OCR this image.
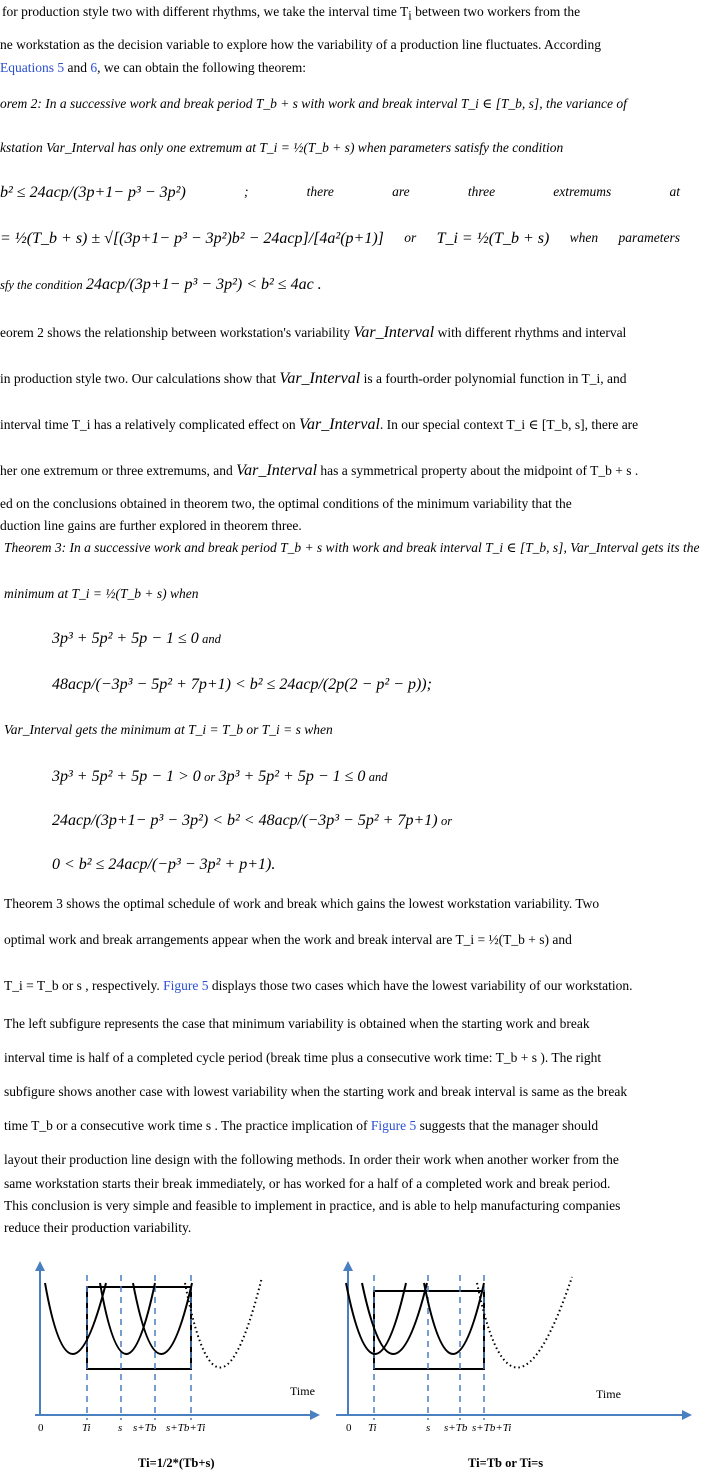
for production style two with different rhythms, we take the interval time $T_i$ between two workers from the
ne workstation as the decision variable to explore how the variability of a production line fluctuates. According
Equations 5 and 6, we can obtain the following theorem:
orem 2: In a successive work and break period T_b + s with work and break interval T_i ∈ [T_b, s], the variance of
kstation Var_Interval has only one extremum at T_i = ½(T_b + s) when parameters satisfy the condition
b² ≤ 24acp/(3p+1− p³ − 3p²)	;	there	are	three	extremums	at
= ½(T_b + s) ± √[(3p+1− p³ − 3p²)b² − 24acp]/[4a²(p+1)] or T_i = ½(T_b + s) when parameters
sfy the condition 24acp/(3p+1− p³ − 3p²) < b² ≤ 4ac .
eorem 2 shows the relationship between workstation's variability Var_Interval with different rhythms and interval
in production style two. Our calculations show that Var_Interval is a fourth-order polynomial function in T_i, and
interval time T_i has a relatively complicated effect on Var_Interval. In our special context T_i ∈ [T_b, s], there are
her one extremum or three extremums, and Var_Interval has a symmetrical property about the midpoint of T_b + s .
ed on the conclusions obtained in theorem two, the optimal conditions of the minimum variability that the
duction line gains are further explored in theorem three.
Theorem 3: In a successive work and break period T_b + s with work and break interval T_i ∈ [T_b, s], Var_Interval gets its the
minimum at T_i = ½(T_b + s) when
3p³ + 5p² + 5p − 1 ≤ 0 and
48acp/(−3p³ − 5p² + 7p+1) < b² ≤ 24acp/(2p(2 − p² − p));
Var_Interval gets the minimum at T_i = T_b or T_i = s when
3p³ + 5p² + 5p − 1 > 0 or 3p³ + 5p² + 5p − 1 ≤ 0 and
24acp/(3p+1− p³ − 3p²) < b² < 48acp/(−3p³ − 5p² + 7p+1) or
0 < b² ≤ 24acp/(−p³ − 3p² + p+1).
Theorem 3 shows the optimal schedule of work and break which gains the lowest workstation variability. Two
optimal work and break arrangements appear when the work and break interval are T_i = ½(T_b + s) and
T_i = T_b or s , respectively. Figure 5 displays those two cases which have the lowest variability of our workstation.
The left subfigure represents the case that minimum variability is obtained when the starting work and break
interval time is half of a completed cycle period (break time plus a consecutive work time: T_b + s ). The right
subfigure shows another case with lowest variability when the starting work and break interval is same as the break
time T_b or a consecutive work time s . The practice implication of Figure 5 suggests that the manager should
layout their production line design with the following methods. In order their work when another worker from the
same workstation starts their break immediately, or has worked for a half of a completed work and break period.
This conclusion is very simple and feasible to implement in practice, and is able to help manufacturing companies
reduce their production variability.
Time
0	Ti s s+Tb s+Tb+Ti
Ti=1/2*(Tb+s)
Time
0 Ti	s s+Tb s+Tb+Ti
Ti=Tb or Ti=s
